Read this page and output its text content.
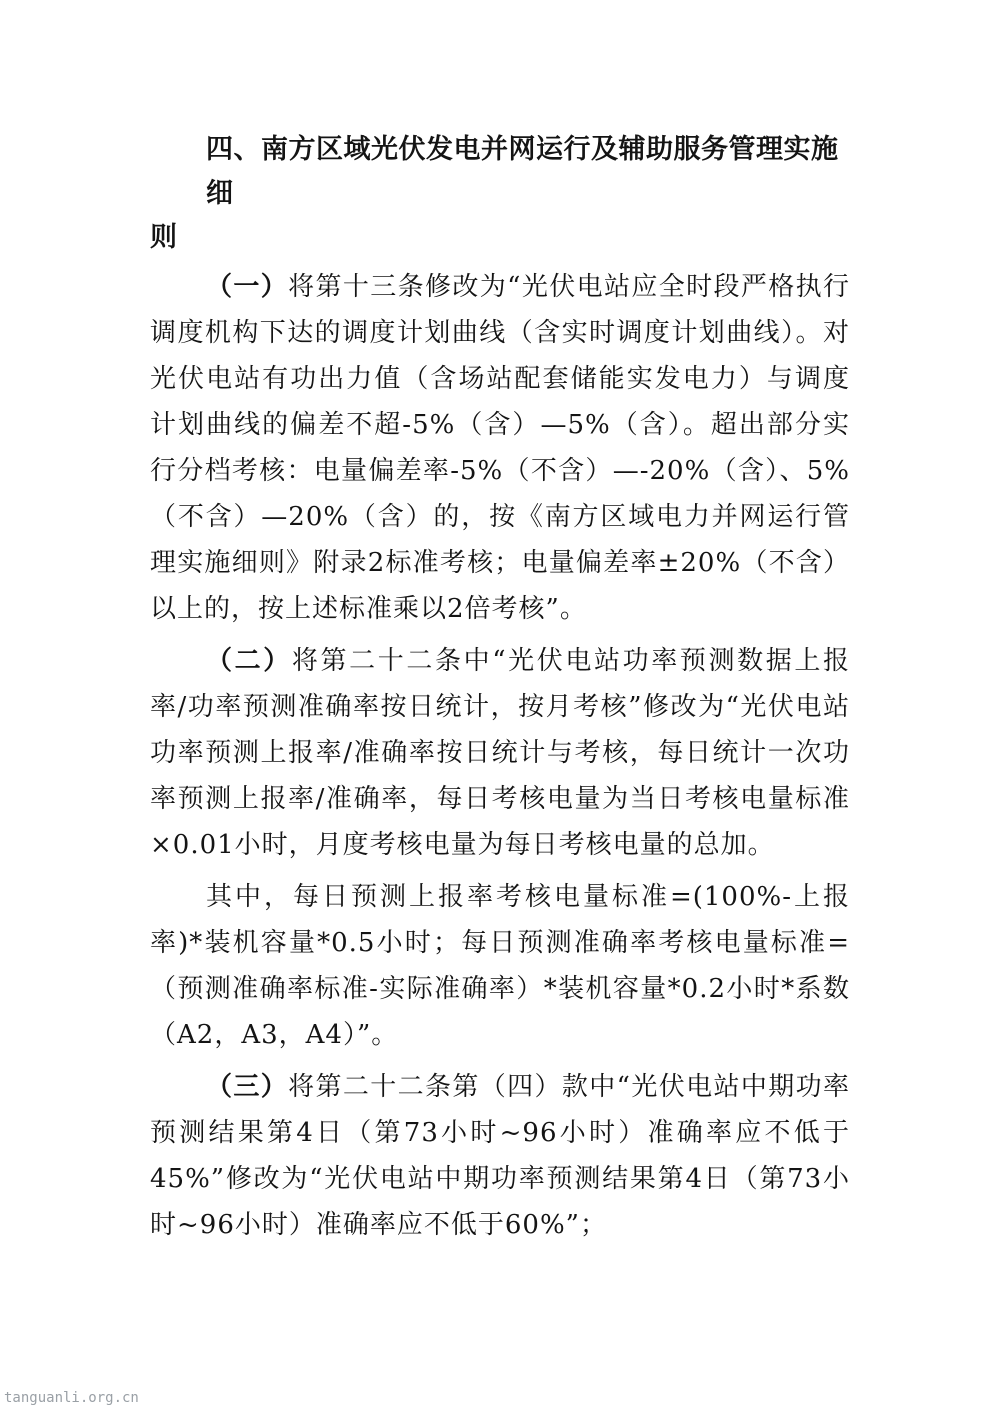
四、南方区域光伏发电并网运行及辅助服务管理实施细
则

（一）将第十三条修改为“光伏电站应全时段严格执行调度机构下达的调度计划曲线（含实时调度计划曲线）。对光伏电站有功出力值（含场站配套储能实发电力）与调度计划曲线的偏差不超-5%（含）—5%（含）。超出部分实行分档考核：电量偏差率-5%（不含）—-20%（含）、5%（不含）—20%（含）的，按《南方区域电力并网运行管理实施细则》附录2标准考核；电量偏差率±20%（不含）以上的，按上述标准乘以2倍考核”。

（二）将第二十二条中“光伏电站功率预测数据上报率/功率预测准确率按日统计，按月考核”修改为“光伏电站功率预测上报率/准确率按日统计与考核，每日统计一次功率预测上报率/准确率，每日考核电量为当日考核电量标准×0.01小时，月度考核电量为每日考核电量的总加。

其中，每日预测上报率考核电量标准=(100%-上报率)*装机容量*0.5小时；每日预测准确率考核电量标准=（预测准确率标准-实际准确率）*装机容量*0.2小时*系数（A2，A3，A4）”。

（三）将第二十二条第（四）款中“光伏电站中期功率预测结果第4日（第73小时~96小时）准确率应不低于45%”修改为“光伏电站中期功率预测结果第4日（第73小时~96小时）准确率应不低于60%”；

tanguanli.org.cn
